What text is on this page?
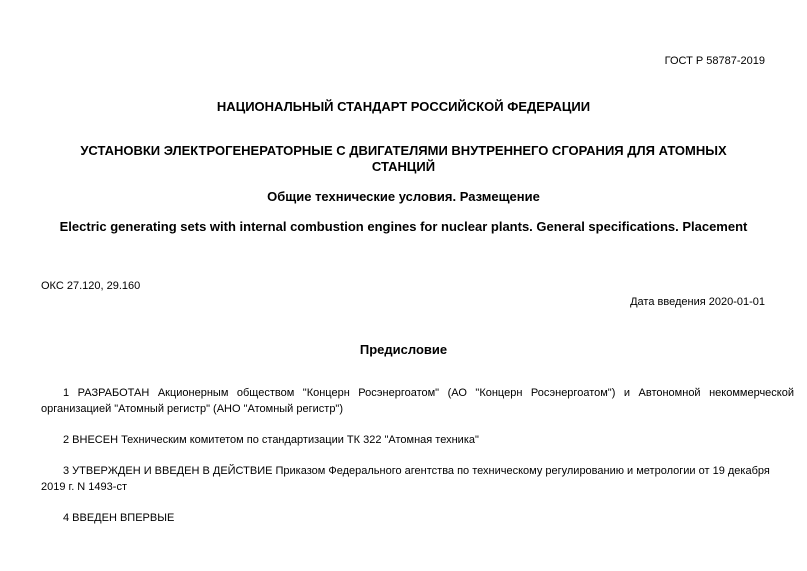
ГОСТ Р 58787-2019
НАЦИОНАЛЬНЫЙ СТАНДАРТ РОССИЙСКОЙ ФЕДЕРАЦИИ
УСТАНОВКИ ЭЛЕКТРОГЕНЕРАТОРНЫЕ С ДВИГАТЕЛЯМИ ВНУТРЕННЕГО СГОРАНИЯ ДЛЯ АТОМНЫХ
СТАНЦИЙ
Общие технические условия. Размещение
Electric generating sets with internal combustion engines for nuclear plants. General specifications. Placement
ОКС 27.120, 29.160
Дата введения 2020-01-01
Предисловие
1 РАЗРАБОТАН Акционерным обществом "Концерн Росэнергоатом" (АО "Концерн Росэнергоатом") и Автономной некоммерческой
организацией "Атомный регистр" (АНО "Атомный регистр")
2 ВНЕСЕН Техническим комитетом по стандартизации ТК 322 "Атомная техника"
3 УТВЕРЖДЕН И ВВЕДЕН В ДЕЙСТВИЕ Приказом Федерального агентства по техническому регулированию и метрологии от 19 декабря
2019 г. N 1493-ст
4 ВВЕДЕН ВПЕРВЫЕ
